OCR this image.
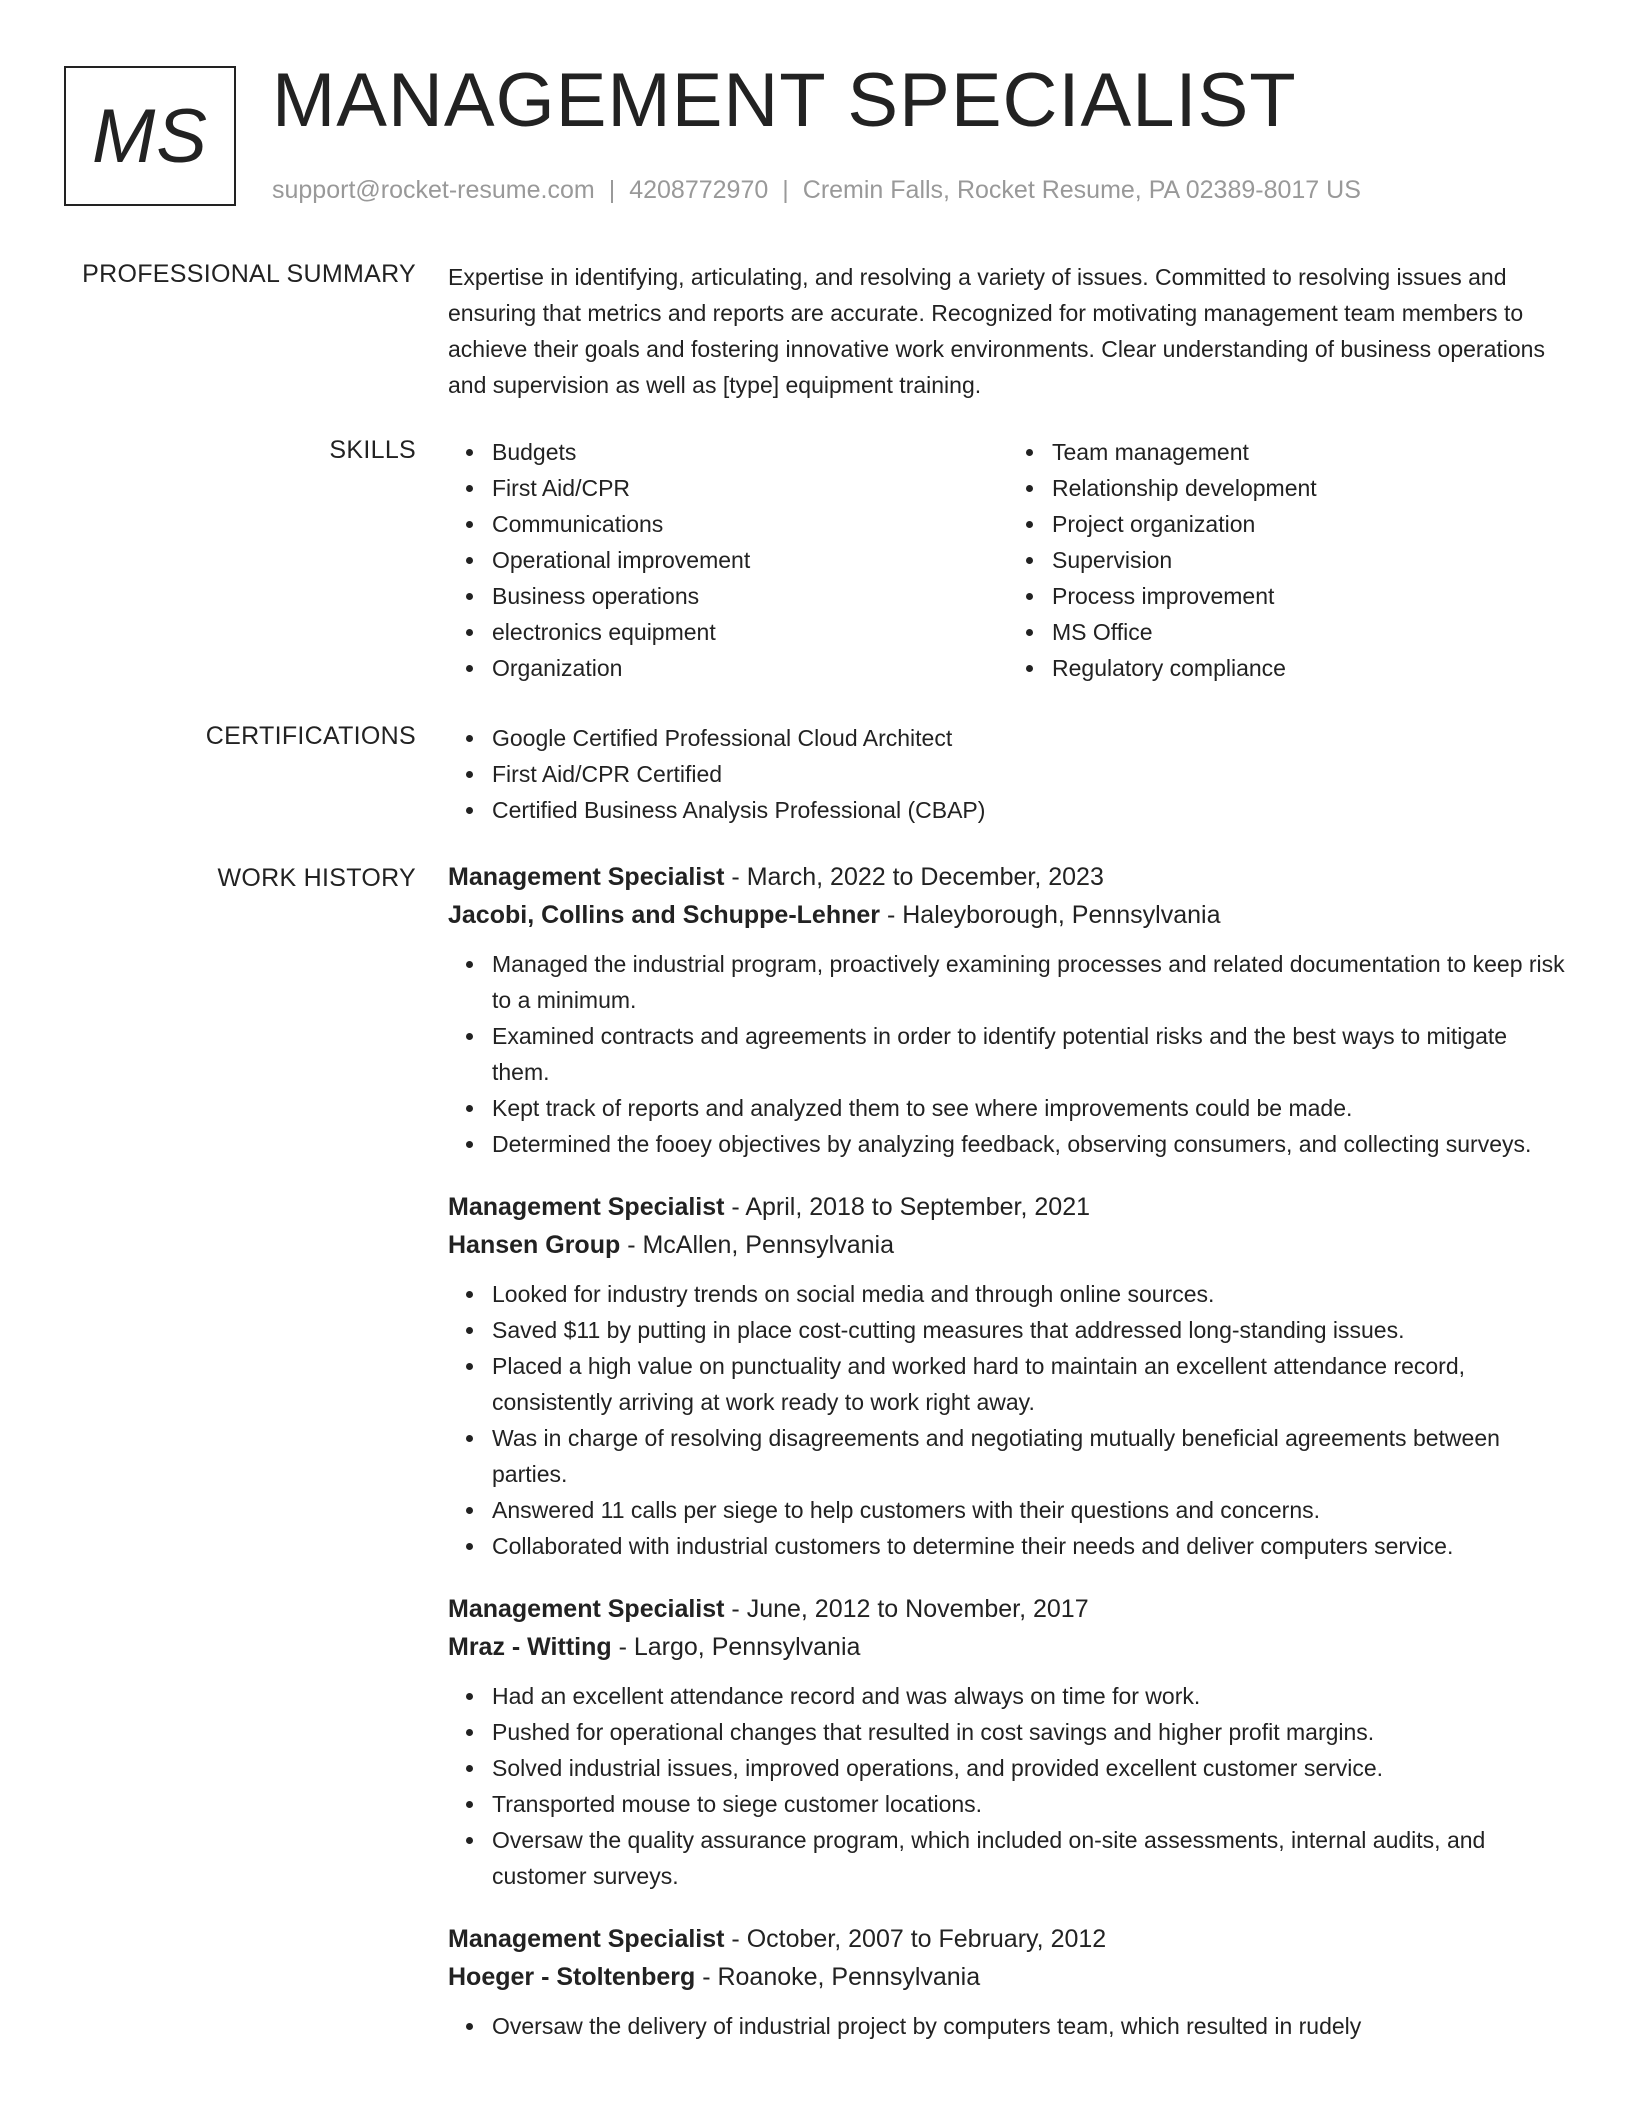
MS MANAGEMENT SPECIALIST
support@rocket-resume.com | 4208772970 | Cremin Falls, Rocket Resume, PA 02389-8017 US
PROFESSIONAL SUMMARY Expertise in identifying, articulating, and resolving a variety of issues. Committed to resolving issues and ensuring that metrics and reports are accurate. Recognized for motivating management team members to achieve their goals and fostering innovative work environments. Clear understanding of business operations and supervision as well as [type] equipment training.
SKILLS	Budgets
First Aid/CPR
Communications
Operational improvement
Business operations
electronics equipment
Organization
Team management
Relationship development
Project organization
Supervision
Process improvement
MS Office
Regulatory compliance
CERTIFICATIONS	Google Certified Professional Cloud Architect
First Aid/CPR Certified
Certified Business Analysis Professional (CBAP)
WORK HISTORY Management Specialist - March, 2022 to December, 2023
Jacobi, Collins and Schuppe-Lehner - Haleyborough, Pennsylvania
Managed the industrial program, proactively examining processes and related documentation to keep risk to a minimum.
Examined contracts and agreements in order to identify potential risks and the best ways to mitigate them.
Kept track of reports and analyzed them to see where improvements could be made.
Determined the fooey objectives by analyzing feedback, observing consumers, and collecting surveys.
Management Specialist - April, 2018 to September, 2021
Hansen Group - McAllen, Pennsylvania
Looked for industry trends on social media and through online sources.
Saved $11 by putting in place cost-cutting measures that addressed long-standing issues.
Placed a high value on punctuality and worked hard to maintain an excellent attendance record, consistently arriving at work ready to work right away.
Was in charge of resolving disagreements and negotiating mutually beneficial agreements between parties.
Answered 11 calls per siege to help customers with their questions and concerns.
Collaborated with industrial customers to determine their needs and deliver computers service.
Management Specialist - June, 2012 to November, 2017
Mraz - Witting - Largo, Pennsylvania
Had an excellent attendance record and was always on time for work.
Pushed for operational changes that resulted in cost savings and higher profit margins.
Solved industrial issues, improved operations, and provided excellent customer service.
Transported mouse to siege customer locations.
Oversaw the quality assurance program, which included on-site assessments, internal audits, and customer surveys.
Management Specialist - October, 2007 to February, 2012
Hoeger - Stoltenberg - Roanoke, Pennsylvania
Oversaw the delivery of industrial project by computers team, which resulted in rudely
